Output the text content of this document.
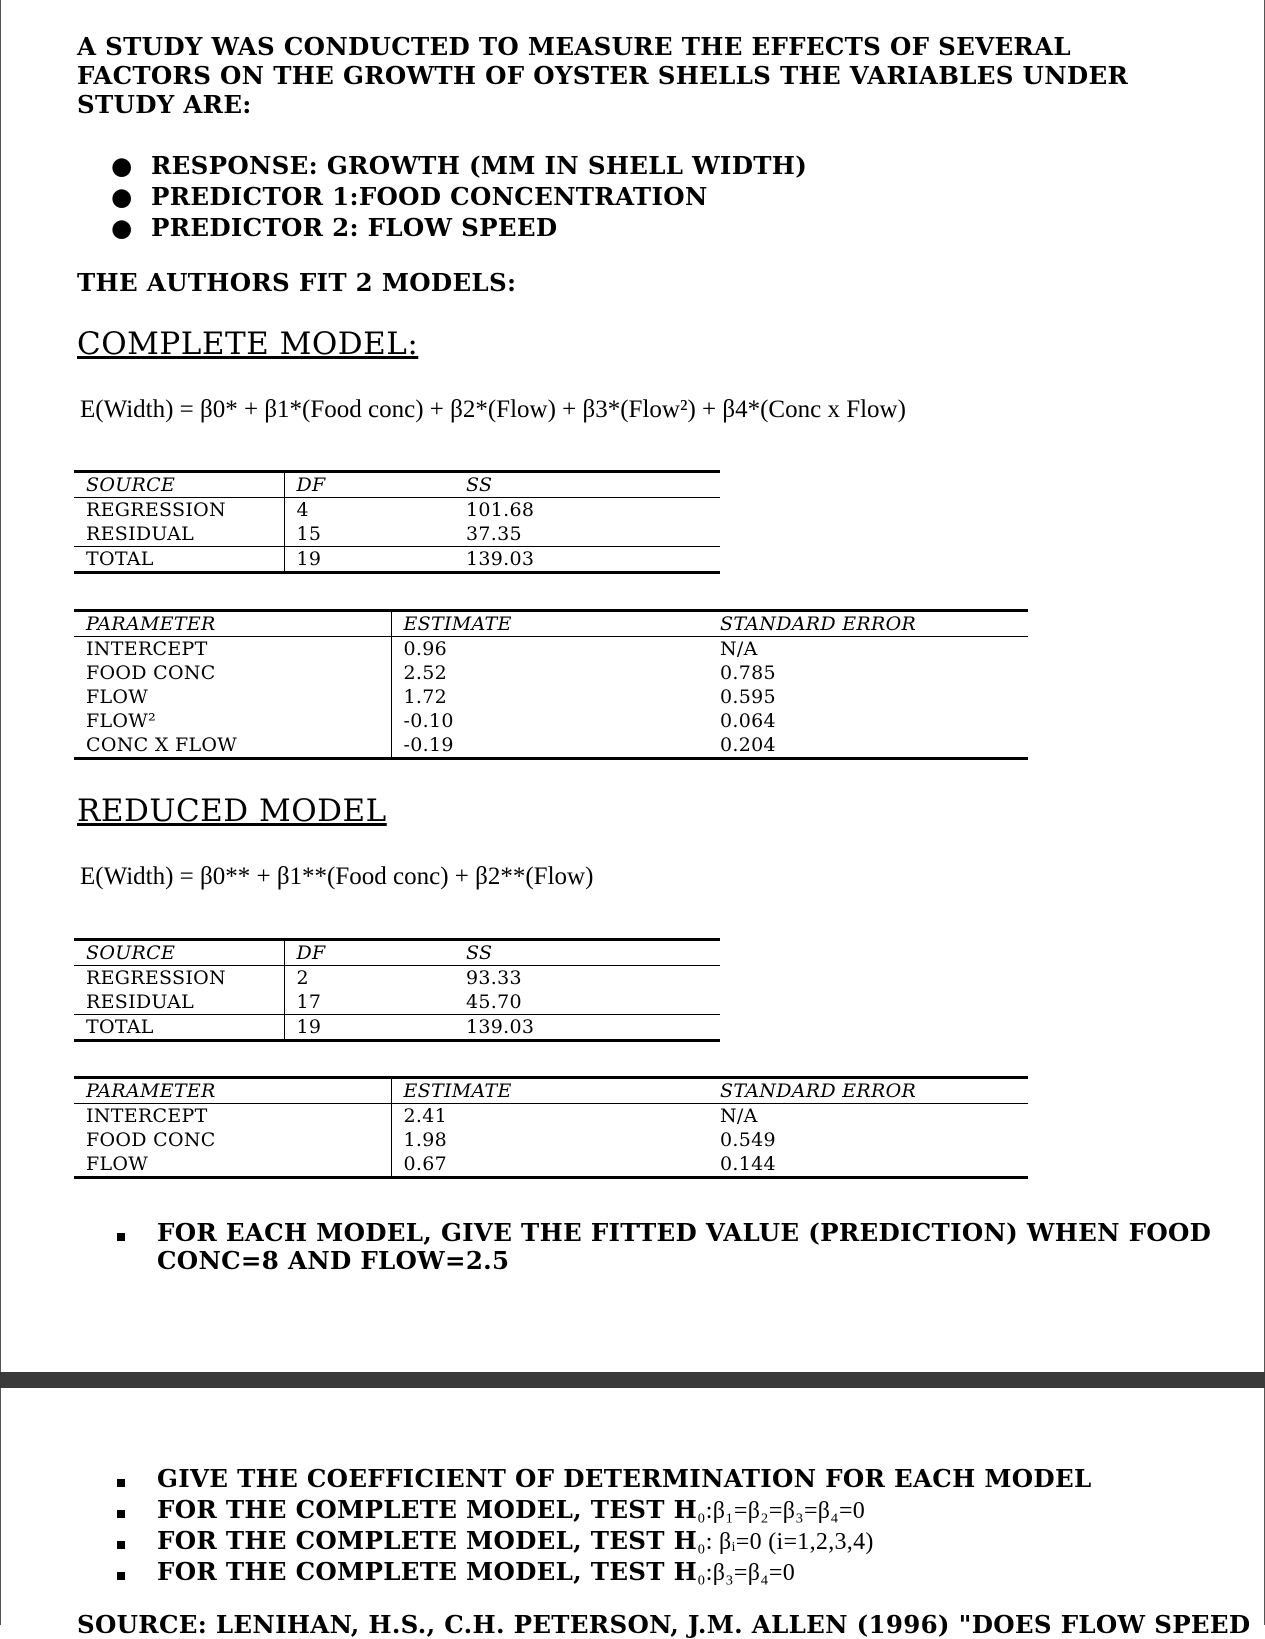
A STUDY WAS CONDUCTED TO MEASURE THE EFFECTS OF SEVERAL FACTORS ON THE GROWTH OF OYSTER SHELLS THE VARIABLES UNDER STUDY ARE:
● RESPONSE: GROWTH (MM IN SHELL WIDTH)
● PREDICTOR 1:FOOD CONCENTRATION
● PREDICTOR 2: FLOW SPEED
THE AUTHORS FIT 2 MODELS:
COMPLETE MODEL:
E(Width) = β0* + β1*(Food conc) + β2*(Flow) + β3*(Flow²) + β4*(Conc x Flow)
SOURCE	DF	SS
REGRESSION	4	101.68
RESIDUAL	15	37.35
TOTAL	19	139.03
PARAMETER	ESTIMATE	STANDARD ERROR
INTERCEPT	0.96	N/A
FOOD CONC	2.52	0.785
FLOW	1.72	0.595
FLOW²	-0.10	0.064
CONC X FLOW	-0.19	0.204
REDUCED MODEL
E(Width) = β0** + β1**(Food conc) + β2**(Flow)
SOURCE	DF	SS
REGRESSION	2	93.33
RESIDUAL	17	45.70
TOTAL	19	139.03
PARAMETER	ESTIMATE	STANDARD ERROR
INTERCEPT	2.41	N/A
FOOD CONC	1.98	0.549
FLOW	0.67	0.144
FOR EACH MODEL, GIVE THE FITTED VALUE (PREDICTION) WHEN FOOD CONC=8 AND FLOW=2.5
GIVE THE COEFFICIENT OF DETERMINATION FOR EACH MODEL
FOR THE COMPLETE MODEL, TEST H₀:β₁=β₂=β₃=β₄=0
FOR THE COMPLETE MODEL, TEST H₀: βᵢ=0 (i=1,2,3,4)
FOR THE COMPLETE MODEL, TEST H₀:β₃=β₄=0
SOURCE: LENIHAN, H.S., C.H. PETERSON, J.M. ALLEN (1996) "DOES FLOW SPEED
